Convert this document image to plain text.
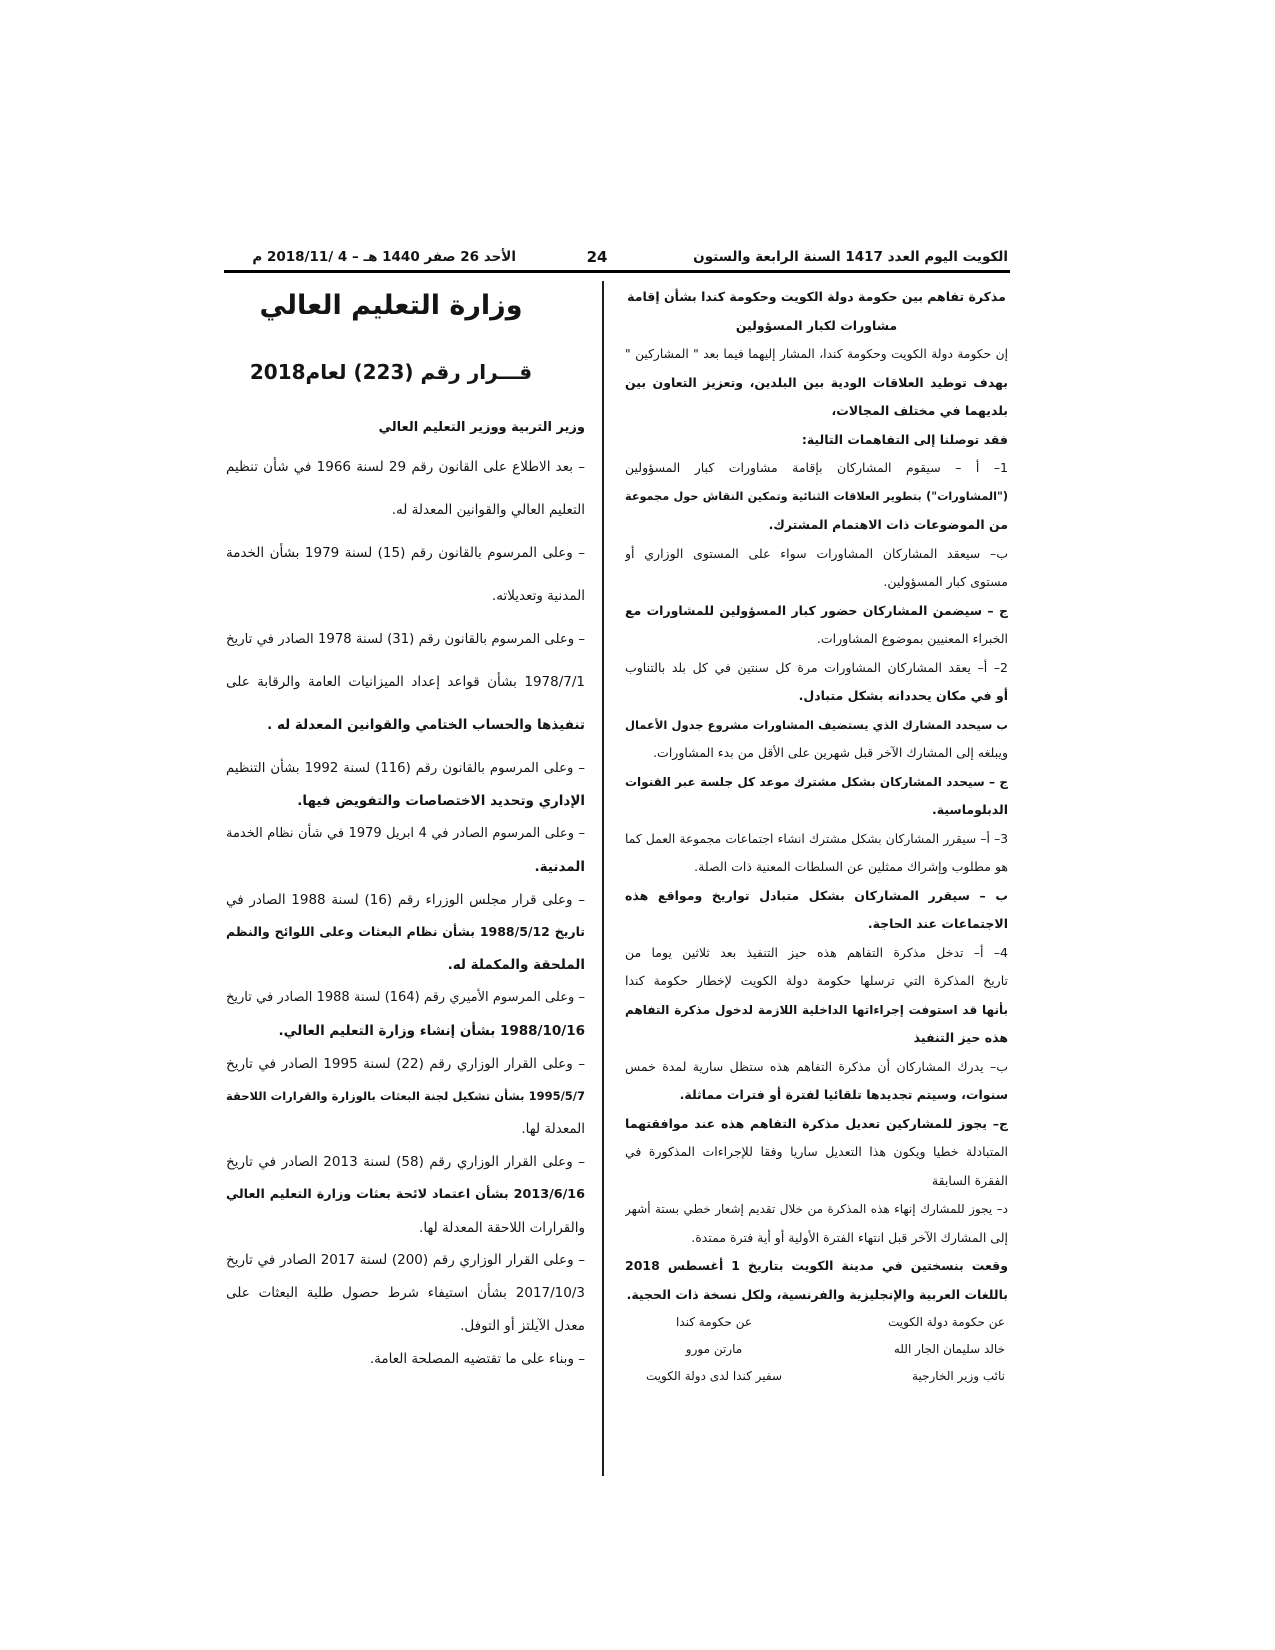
الكويت اليوم العدد 1417 السنة الرابعة والستون
24
الأحد 26 صفر 1440 هـ – 4 /2018/11 م
مذكرة تفاهم بين حكومة دولة الكويت وحكومة كندا بشأن إقامة
مشاورات لكبار المسؤولين
إن حكومة دولة الكويت وحكومة كندا، المشار إليهما فيما بعد " المشاركين "
بهدف توطيد العلاقات الودية بين البلدين، وتعزيز التعاون بين
بلديهما في مختلف المجالات،
فقد توصلنا إلى التفاهمات التالية:
1– أ – سيقوم المشاركان بإقامة مشاورات كبار المسؤولين
("المشاورات") بتطوير العلاقات الثنائية وتمكين النقاش حول مجموعة
من الموضوعات ذات الاهتمام المشترك.
ب– سيعقد المشاركان المشاورات سواء على المستوى الوزاري أو
مستوى كبار المسؤولين.
ج – سيضمن المشاركان حضور كبار المسؤولين للمشاورات مع
الخبراء المعنيين بموضوع المشاورات.
2– أ– يعقد المشاركان المشاورات مرة كل سنتين في كل بلد بالتناوب
أو في مكان يحددانه بشكل متبادل.
ب سيحدد المشارك الذي يستضيف المشاورات مشروع جدول الأعمال
ويبلغه إلى المشارك الآخر قبل شهرين على الأقل من بدء المشاورات.
ج – سيحدد المشاركان بشكل مشترك موعد كل جلسة عبر القنوات
الدبلوماسية.
3– أ– سيقرر المشاركان بشكل مشترك انشاء اجتماعات مجموعة العمل كما
هو مطلوب وإشراك ممثلين عن السلطات المعنية ذات الصلة.
ب – سيقرر المشاركان بشكل متبادل تواريخ ومواقع هذه
الاجتماعات عند الحاجة.
4– أ– تدخل مذكرة التفاهم هذه حيز التنفيذ بعد ثلاثين يوما من
تاريخ المذكرة التي ترسلها حكومة دولة الكويت لإخطار حكومة كندا
بأنها قد استوفت إجراءاتها الداخلية اللازمة لدخول مذكرة التفاهم
هذه حيز التنفيذ
ب– يدرك المشاركان أن مذكرة التفاهم هذه ستظل سارية لمدة خمس
سنوات، وسيتم تجديدها تلقائيا لفترة أو فترات مماثلة.
ج– يجوز للمشاركين تعديل مذكرة التفاهم هذه عند موافقتهما
المتبادلة خطيا ويكون هذا التعديل ساريا وفقا للإجراءات المذكورة في
الفقرة السابقة
د– يجوز للمشارك إنهاء هذه المذكرة من خلال تقديم إشعار خطي بستة أشهر
إلى المشارك الآخر قبل انتهاء الفترة الأولية أو أية فترة ممتدة.
وقعت بنسختين في مدينة الكويت بتاريخ 1 أغسطس 2018
باللغات العربية والإنجليزية والفرنسية، ولكل نسخة ذات الحجية.
عن حكومة دولة الكويت
خالد سليمان الجار الله
نائب وزير الخارجية
عن حكومة كندا
مارتن مورو
سفير كندا لدى دولة الكويت
وزارة التعليم العالي
قـــرار رقم (223) لعام2018
وزير التربية ووزير التعليم العالي
– بعد الاطلاع على القانون رقم 29 لسنة 1966 في شأن تنظيم
التعليم العالي والقوانين المعدلة له.
– وعلى المرسوم بالقانون رقم (15) لسنة 1979 بشأن الخدمة
المدنية وتعديلاته.
– وعلى المرسوم بالقانون رقم (31) لسنة 1978 الصادر في تاريخ
1978/7/1 بشأن قواعد إعداد الميزانيات العامة والرقابة على
تنفيذها والحساب الختامي والقوانين المعدلة له .
– وعلى المرسوم بالقانون رقم (116) لسنة 1992 بشأن التنظيم
الإداري وتحديد الاختصاصات والتفويض فيها.
– وعلى المرسوم الصادر في 4 ابريل 1979 في شأن نظام الخدمة
المدنية.
– وعلى قرار مجلس الوزراء رقم (16) لسنة 1988 الصادر في
تاريخ 1988/5/12 بشأن نظام البعثات وعلى اللوائح والنظم
الملحقة والمكملة له.
– وعلى المرسوم الأميري رقم (164) لسنة 1988 الصادر في تاريخ
1988/10/16 بشأن إنشاء وزارة التعليم العالي.
– وعلى القرار الوزاري رقم (22) لسنة 1995 الصادر في تاريخ
1995/5/7 بشأن تشكيل لجنة البعثات بالوزارة والقرارات اللاحقة
المعدلة لها.
– وعلى القرار الوزاري رقم (58) لسنة 2013 الصادر في تاريخ
2013/6/16 بشأن اعتماد لائحة بعثات وزارة التعليم العالي
والقرارات اللاحقة المعدلة لها.
– وعلى القرار الوزاري رقم (200) لسنة 2017 الصادر في تاريخ
2017/10/3 بشأن استيفاء شرط حصول طلبة البعثات على
معدل الآيلتز أو التوفل.
– وبناء على ما تقتضيه المصلحة العامة.
